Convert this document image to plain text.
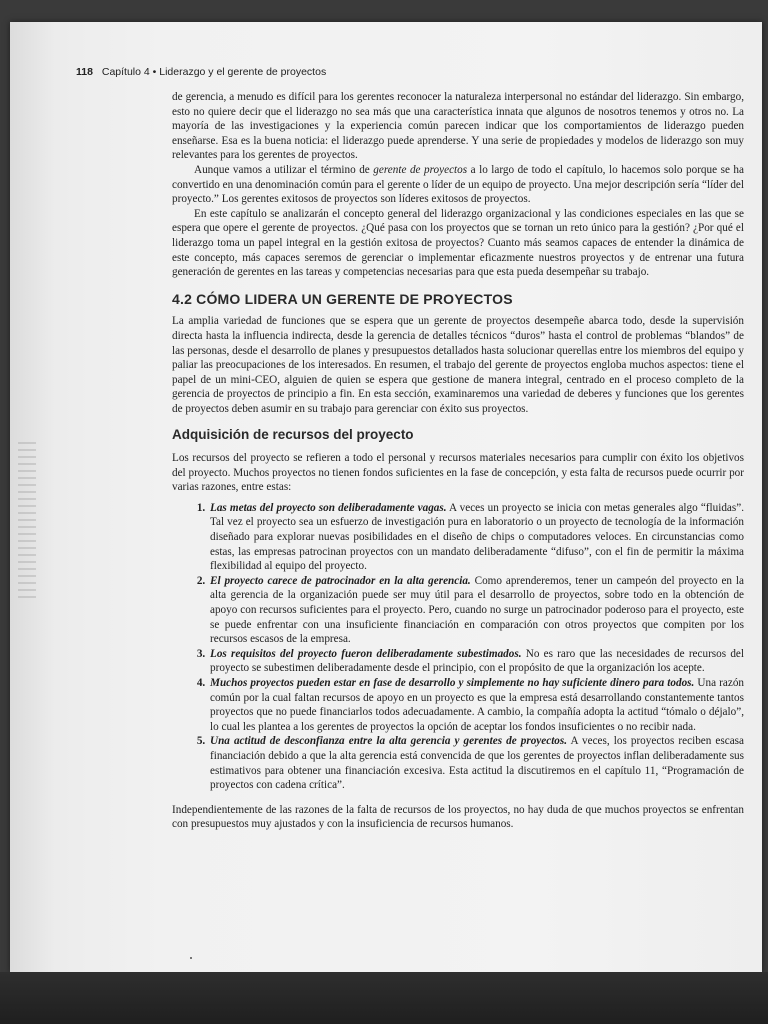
118 Capítulo 4 • Liderazgo y el gerente de proyectos

de gerencia, a menudo es difícil para los gerentes reconocer la naturaleza interpersonal no estándar del liderazgo. Sin embargo, esto no quiere decir que el liderazgo no sea más que una característica innata que algunos de nosotros tenemos y otros no. La mayoría de las investigaciones y la experiencia común parecen indicar que los comportamientos de liderazgo pueden enseñarse. Esa es la buena noticia: el liderazgo puede aprenderse. Y una serie de propiedades y modelos de liderazgo son muy relevantes para los gerentes de proyectos.

Aunque vamos a utilizar el término de gerente de proyectos a lo largo de todo el capítulo, lo hacemos solo porque se ha convertido en una denominación común para el gerente o líder de un equipo de proyecto. Una mejor descripción sería “líder del proyecto.” Los gerentes exitosos de proyectos son líderes exitosos de proyectos.

En este capítulo se analizarán el concepto general del liderazgo organizacional y las condiciones especiales en las que se espera que opere el gerente de proyectos. ¿Qué pasa con los proyectos que se tornan un reto único para la gestión? ¿Por qué el liderazgo toma un papel integral en la gestión exitosa de proyectos? Cuanto más seamos capaces de entender la dinámica de este concepto, más capaces seremos de gerenciar o implementar eficazmente nuestros proyectos y de entrenar una futura generación de gerentes en las tareas y competencias necesarias para que esta pueda desempeñar su trabajo.

4.2 CÓMO LIDERA UN GERENTE DE PROYECTOS

La amplia variedad de funciones que se espera que un gerente de proyectos desempeñe abarca todo, desde la supervisión directa hasta la influencia indirecta, desde la gerencia de detalles técnicos “duros” hasta el control de problemas “blandos” de las personas, desde el desarrollo de planes y presupuestos detallados hasta solucionar querellas entre los miembros del equipo y paliar las preocupaciones de los interesados. En resumen, el trabajo del gerente de proyectos engloba muchos aspectos: tiene el papel de un mini-CEO, alguien de quien se espera que gestione de manera integral, centrado en el proceso completo de la gerencia de proyectos de principio a fin. En esta sección, examinaremos una variedad de deberes y funciones que los gerentes de proyectos deben asumir en su trabajo para gerenciar con éxito sus proyectos.

Adquisición de recursos del proyecto

Los recursos del proyecto se refieren a todo el personal y recursos materiales necesarios para cumplir con éxito los objetivos del proyecto. Muchos proyectos no tienen fondos suficientes en la fase de concepción, y esta falta de recursos puede ocurrir por varias razones, entre estas:

1. Las metas del proyecto son deliberadamente vagas. A veces un proyecto se inicia con metas generales algo “fluidas”. Tal vez el proyecto sea un esfuerzo de investigación pura en laboratorio o un proyecto de tecnología de la información diseñado para explorar nuevas posibilidades en el diseño de chips o computadores veloces. En circunstancias como estas, las empresas patrocinan proyectos con un mandato deliberadamente “difuso”, con el fin de permitir la máxima flexibilidad al equipo del proyecto.
2. El proyecto carece de patrocinador en la alta gerencia. Como aprenderemos, tener un campeón del proyecto en la alta gerencia de la organización puede ser muy útil para el desarrollo de proyectos, sobre todo en la obtención de apoyo con recursos suficientes para el proyecto. Pero, cuando no surge un patrocinador poderoso para el proyecto, este se puede enfrentar con una insuficiente financiación en comparación con otros proyectos que compiten por los recursos escasos de la empresa.
3. Los requisitos del proyecto fueron deliberadamente subestimados. No es raro que las necesidades de recursos del proyecto se subestimen deliberadamente desde el principio, con el propósito de que la organización los acepte.
4. Muchos proyectos pueden estar en fase de desarrollo y simplemente no hay suficiente dinero para todos. Una razón común por la cual faltan recursos de apoyo en un proyecto es que la empresa está desarrollando constantemente tantos proyectos que no puede financiarlos todos adecuadamente. A cambio, la compañía adopta la actitud “tómalo o déjalo”, lo cual les plantea a los gerentes de proyectos la opción de aceptar los fondos insuficientes o no recibir nada.
5. Una actitud de desconfianza entre la alta gerencia y gerentes de proyectos. A veces, los proyectos reciben escasa financiación debido a que la alta gerencia está convencida de que los gerentes de proyectos inflan deliberadamente sus estimativos para obtener una financiación excesiva. Esta actitud la discutiremos en el capítulo 11, “Programación de proyectos con cadena crítica”.

Independientemente de las razones de la falta de recursos de los proyectos, no hay duda de que muchos proyectos se enfrentan con presupuestos muy ajustados y con la insuficiencia de recursos humanos.
